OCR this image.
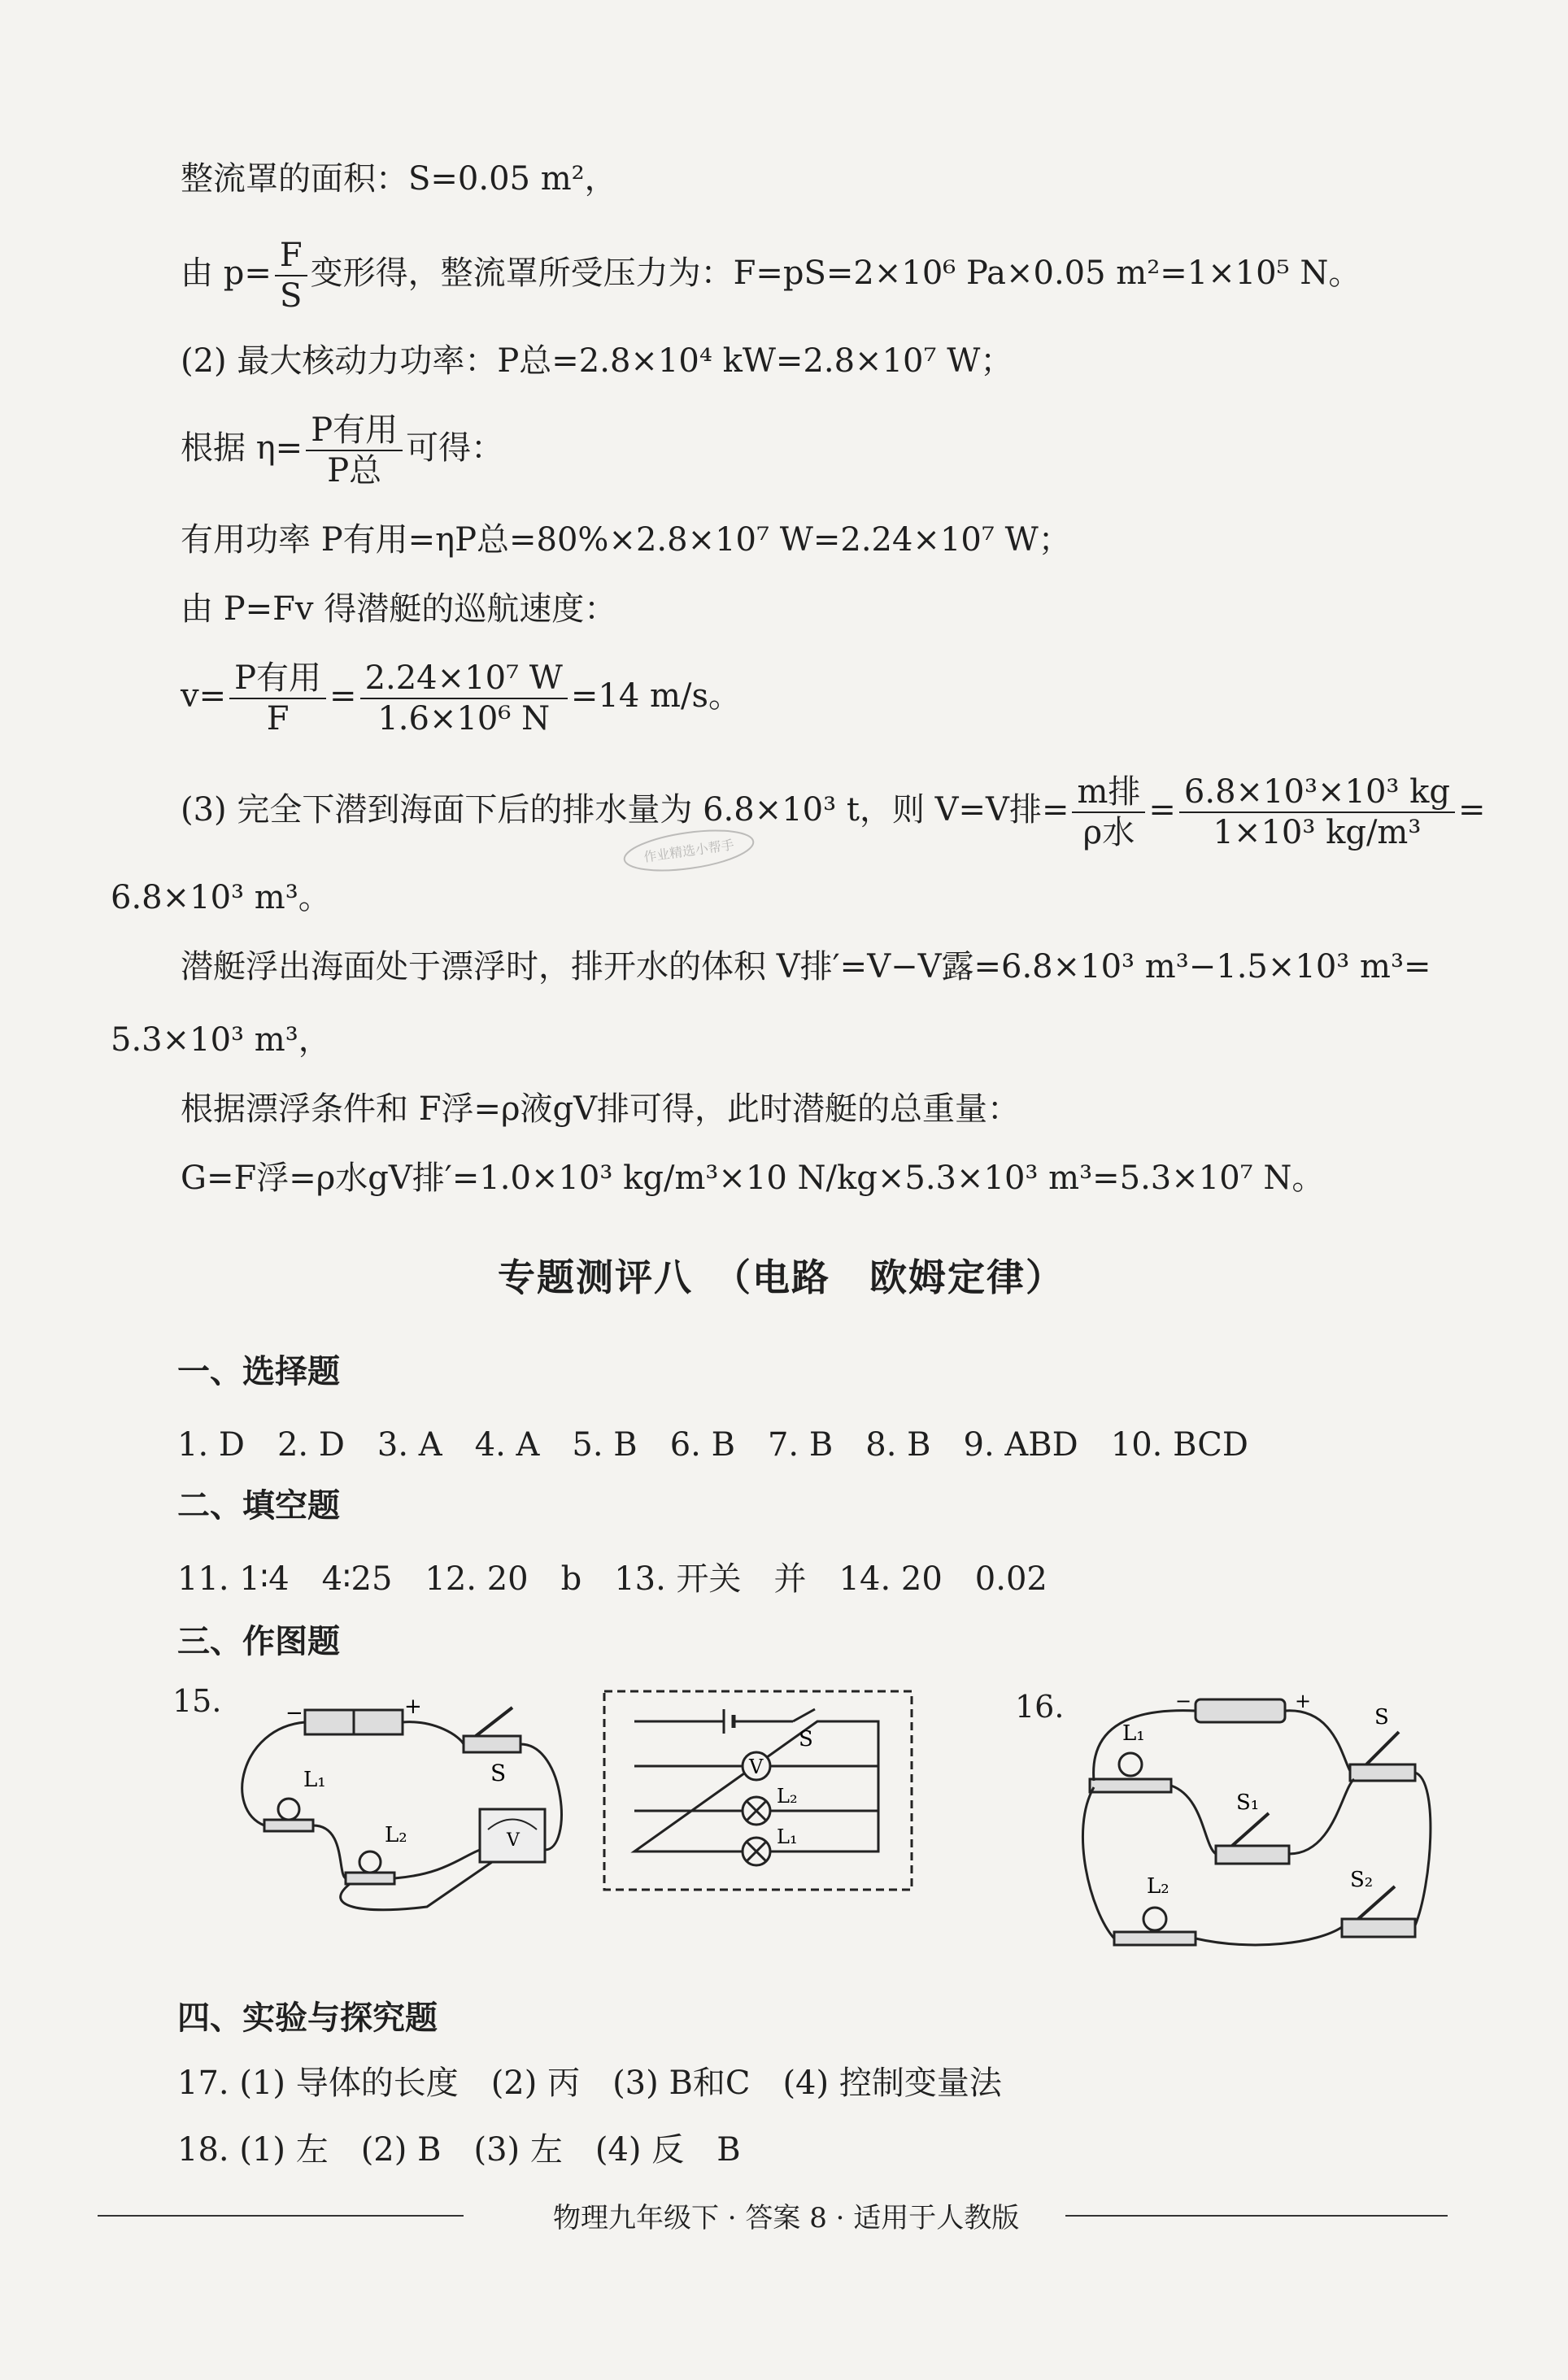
整流罩的面积：S=0.05 m²，
由 $p= \frac{F}{S}$ 变形得，整流罩所受压力为：F=pS=2×10⁶ Pa×0.05 m²=1×10⁵ N。
(2) 最大核动力功率：P总=2.8×10⁴ kW=2.8×10⁷ W；
根据 $\eta= \frac{\text{P有用}}{\text{P总}}$ 可得：
有用功率 P有用=ηP总=80%×2.8×10⁷ W=2.24×10⁷ W；
由 P=Fv 得潜艇的巡航速度：
$v= \frac{\text{P有用}}{F} = \frac{\text{2.24×10⁷ W}}{\text{1.6×10⁶ N}} =14$ m/s。
(3) 完全下潜到海面下后的排水量为 6.8×10³ t，则 V=V排= $\frac{\text{m排}}{\text{ρ水}} = \frac{\text{6.8×10³×10³ kg}}{\text{1×10³ kg/m³}}$ =
作业精选小帮手
6.8×10³ m³。
潜艇浮出海面处于漂浮时，排开水的体积 V排′=V−V露=6.8×10³ m³−1.5×10³ m³=
5.3×10³ m³，
根据漂浮条件和 F浮=ρ液gV排可得，此时潜艇的总重量：
G=F浮=ρ水gV排′=1.0×10³ kg/m³×10 N/kg×5.3×10³ m³=5.3×10⁷ N。
专题测评八　（电路　欧姆定律）
一、选择题
1. D　2. D　3. A　4. A　5. B　6. B　7. B　8. B　9. ABD　10. BCD
二、填空题
11. 1∶4　4∶25　12. 20　b　13. 开关　并　14. 20　0.02
三、作图题
15.	−	+
S
L₁
L₂	V
S
V
L₂
L₁
16.	−	+
S
L₁
S₁
L₂	S₂
四、实验与探究题
17. (1) 导体的长度　(2) 丙　(3) B和C　(4) 控制变量法
18. (1) 左　(2) B　(3) 左　(4) 反　B
物理九年级下 · 答案 8 · 适用于人教版
